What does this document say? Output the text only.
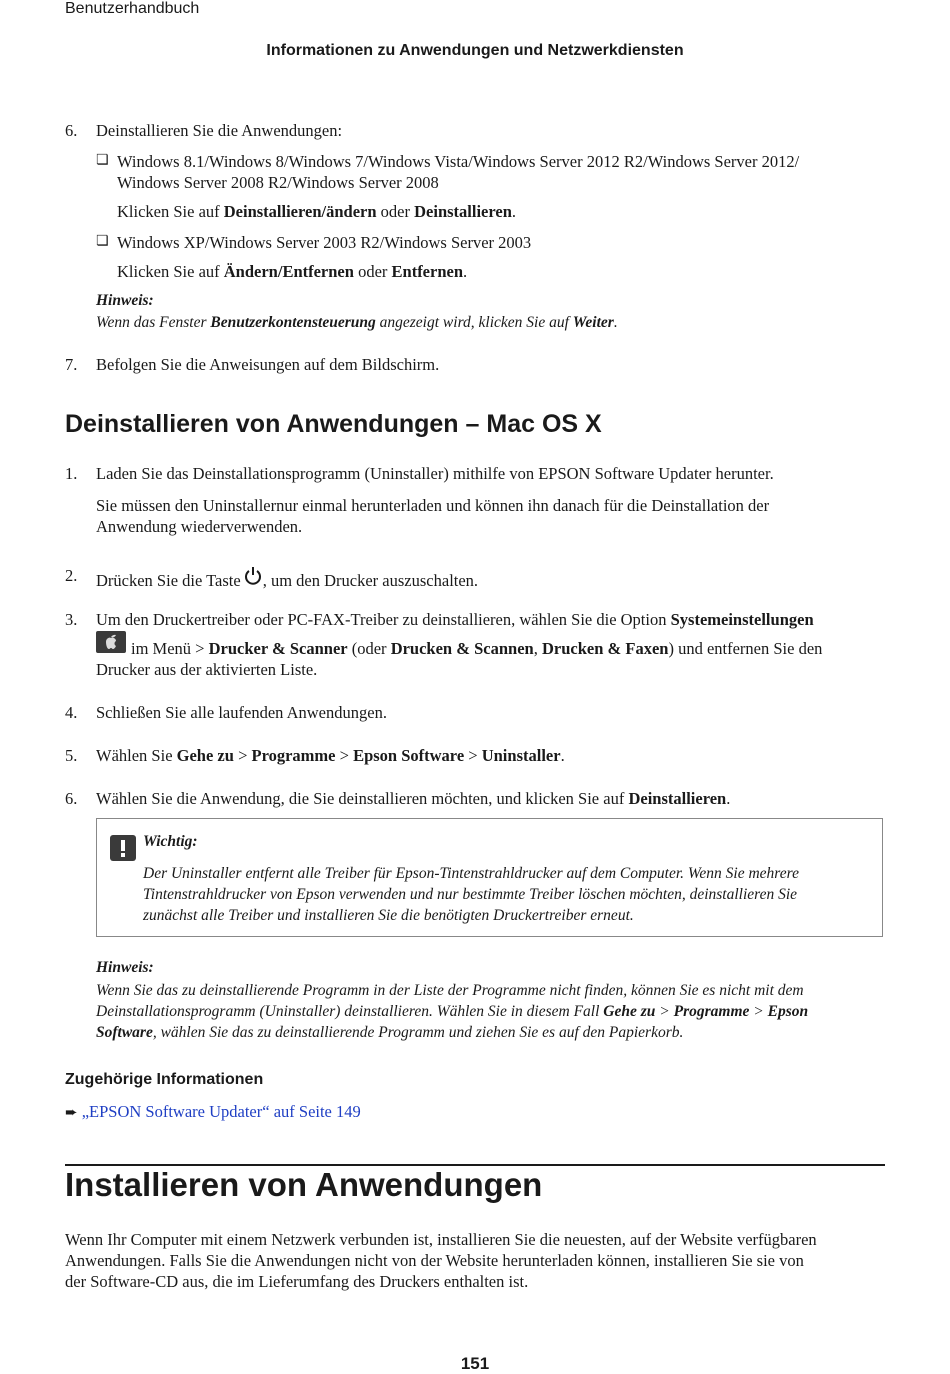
Benutzerhandbuch
Informationen zu Anwendungen und Netzwerkdiensten
6.	Deinstallieren Sie die Anwendungen:
❏ Windows 8.1/Windows 8/Windows 7/Windows Vista/Windows Server 2012 R2/Windows Server 2012/
Windows Server 2008 R2/Windows Server 2008
Klicken Sie auf Deinstallieren/ändern oder Deinstallieren.
❏ Windows XP/Windows Server 2003 R2/Windows Server 2003
Klicken Sie auf Ändern/Entfernen oder Entfernen.
Hinweis:
Wenn das Fenster Benutzerkontensteuerung angezeigt wird, klicken Sie auf Weiter.
7.	Befolgen Sie die Anweisungen auf dem Bildschirm.
Deinstallieren von Anwendungen – Mac OS X
1.	Laden Sie das Deinstallationsprogramm (Uninstaller) mithilfe von EPSON Software Updater herunter.
Sie müssen den Uninstallernur einmal herunterladen und können ihn danach für die Deinstallation der
Anwendung wiederverwenden.
2.	Drücken Sie die Taste , um den Drucker auszuschalten.
3.	Um den Druckertreiber oder PC-FAX-Treiber zu deinstallieren, wählen Sie die Option Systemeinstellungen
im Menü > Drucker & Scanner (oder Drucken & Scannen, Drucken & Faxen) und entfernen Sie den
Drucker aus der aktivierten Liste.
4.	Schließen Sie alle laufenden Anwendungen.
5.	Wählen Sie Gehe zu > Programme > Epson Software > Uninstaller.
6.	Wählen Sie die Anwendung, die Sie deinstallieren möchten, und klicken Sie auf Deinstallieren.
Wichtig:
Der Uninstaller entfernt alle Treiber für Epson-Tintenstrahldrucker auf dem Computer. Wenn Sie mehrere
Tintenstrahldrucker von Epson verwenden und nur bestimmte Treiber löschen möchten, deinstallieren Sie
zunächst alle Treiber und installieren Sie die benötigten Druckertreiber erneut.
Hinweis:
Wenn Sie das zu deinstallierende Programm in der Liste der Programme nicht finden, können Sie es nicht mit dem
Deinstallationsprogramm (Uninstaller) deinstallieren. Wählen Sie in diesem Fall Gehe zu > Programme > Epson
Software, wählen Sie das zu deinstallierende Programm und ziehen Sie es auf den Papierkorb.
Zugehörige Informationen
➨ „EPSON Software Updater“ auf Seite 149
Installieren von Anwendungen
Wenn Ihr Computer mit einem Netzwerk verbunden ist, installieren Sie die neuesten, auf der Website verfügbaren
Anwendungen. Falls Sie die Anwendungen nicht von der Website herunterladen können, installieren Sie sie von
der Software-CD aus, die im Lieferumfang des Druckers enthalten ist.
151
